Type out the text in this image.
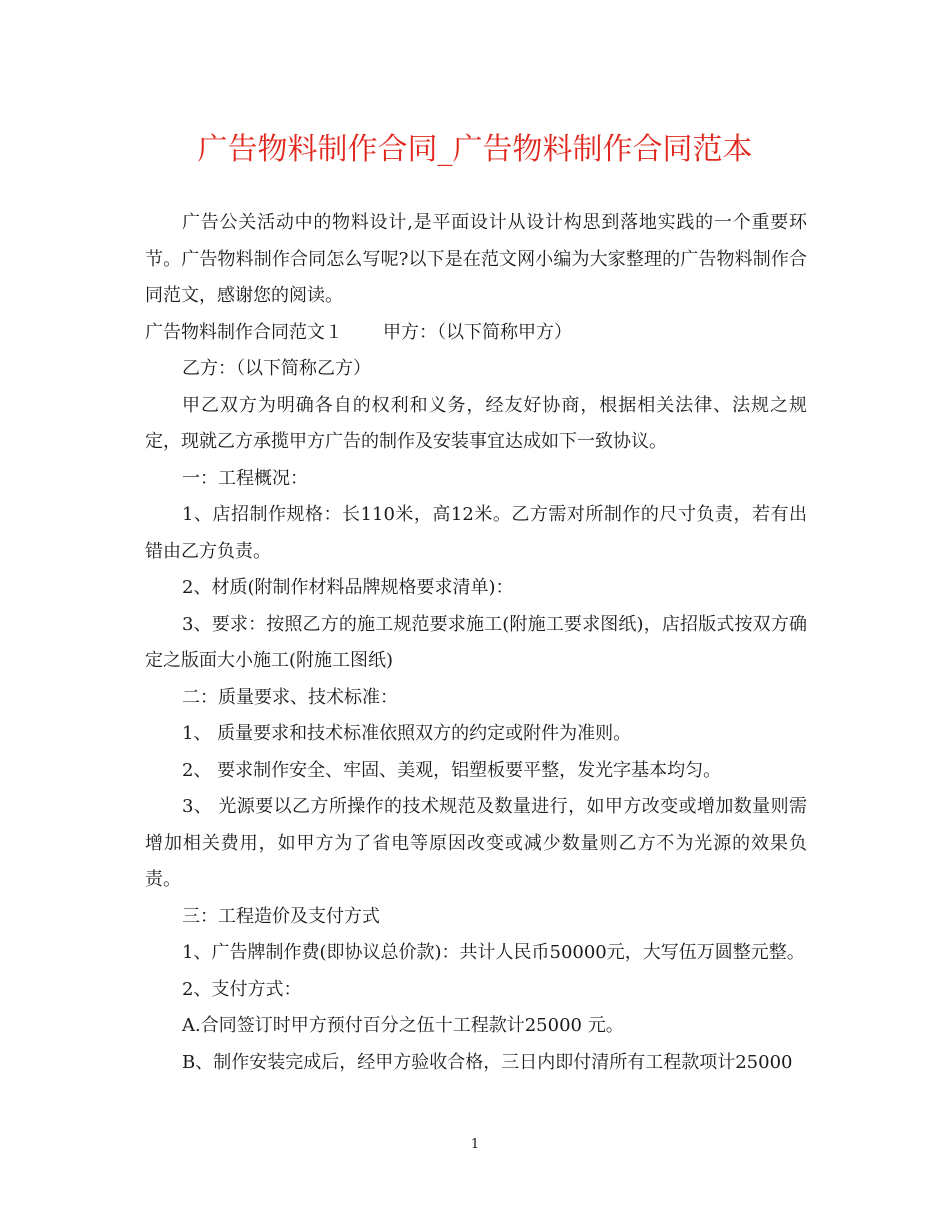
广告物料制作合同_广告物料制作合同范本

广告公关活动中的物料设计,是平面设计从设计构思到落地实践的一个重要环节。广告物料制作合同怎么写呢?以下是在范文网小编为大家整理的广告物料制作合同范文，感谢您的阅读。

广告物料制作合同范文１ 甲方：（以下简称甲方）

乙方：（以下简称乙方）

甲乙双方为明确各自的权利和义务，经友好协商，根据相关法律、法规之规定，现就乙方承揽甲方广告的制作及安装事宜达成如下一致协议。

一：工程概况：

1、店招制作规格：长110米，高12米。乙方需对所制作的尺寸负责，若有出错由乙方负责。

2、材质(附制作材料品牌规格要求清单)：

3、要求：按照乙方的施工规范要求施工(附施工要求图纸)，店招版式按双方确定之版面大小施工(附施工图纸)

二：质量要求、技术标准：

1、 质量要求和技术标准依照双方的约定或附件为准则。

2、 要求制作安全、牢固、美观，铝塑板要平整，发光字基本均匀。

3、 光源要以乙方所操作的技术规范及数量进行，如甲方改变或增加数量则需增加相关费用，如甲方为了省电等原因改变或减少数量则乙方不为光源的效果负责。

三：工程造价及支付方式

1、广告牌制作费(即协议总价款)：共计人民币50000元，大写伍万圆整元整。

2、支付方式：

A.合同签订时甲方预付百分之伍十工程款计25000 元。

B、制作安装完成后，经甲方验收合格，三日内即付清所有工程款项计25000

1
